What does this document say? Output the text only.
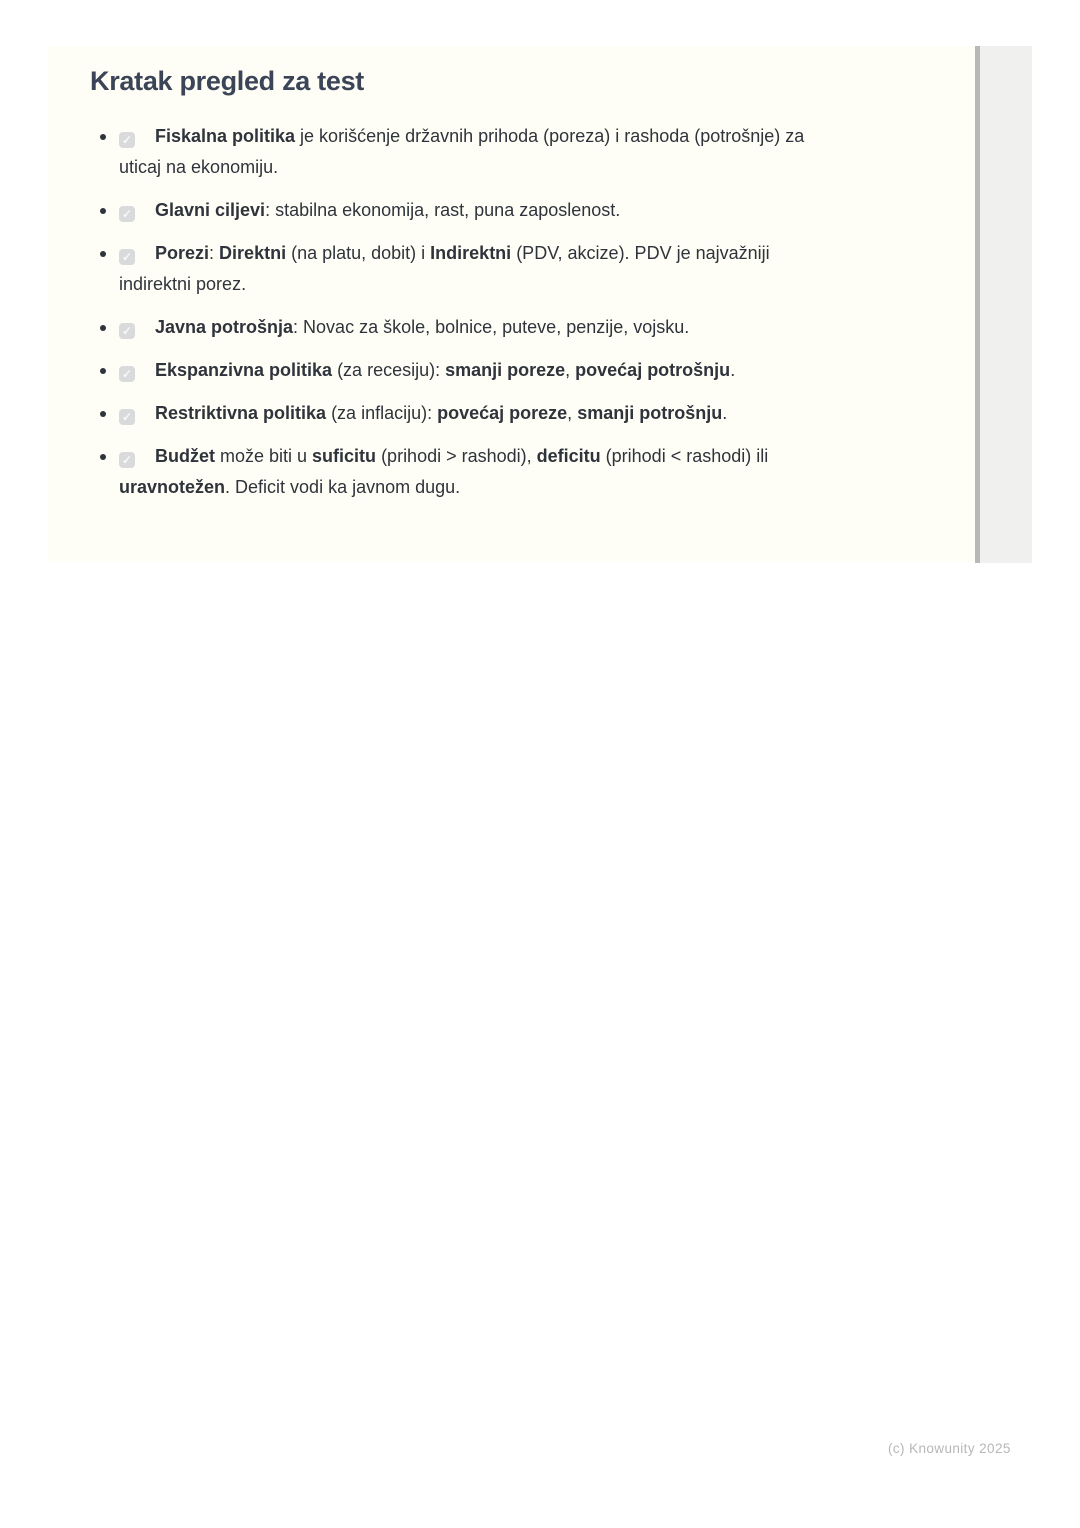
Kratak pregled za test
✓ Fiskalna politika je korišćenje državnih prihoda (poreza) i rashoda (potrošnje) za uticaj na ekonomiju.
✓ Glavni ciljevi: stabilna ekonomija, rast, puna zaposlenost.
✓ Porezi: Direktni (na platu, dobit) i Indirektni (PDV, akcize). PDV je najvažniji indirektni porez.
✓ Javna potrošnja: Novac za škole, bolnice, puteve, penzije, vojsku.
✓ Ekspanzivna politika (za recesiju): smanji poreze, povećaj potrošnju.
✓ Restriktivna politika (za inflaciju): povećaj poreze, smanji potrošnju.
✓ Budžet može biti u suficitu (prihodi > rashodi), deficitu (prihodi < rashodi) ili uravnotežen. Deficit vodi ka javnom dugu.
(c) Knowunity 2025
